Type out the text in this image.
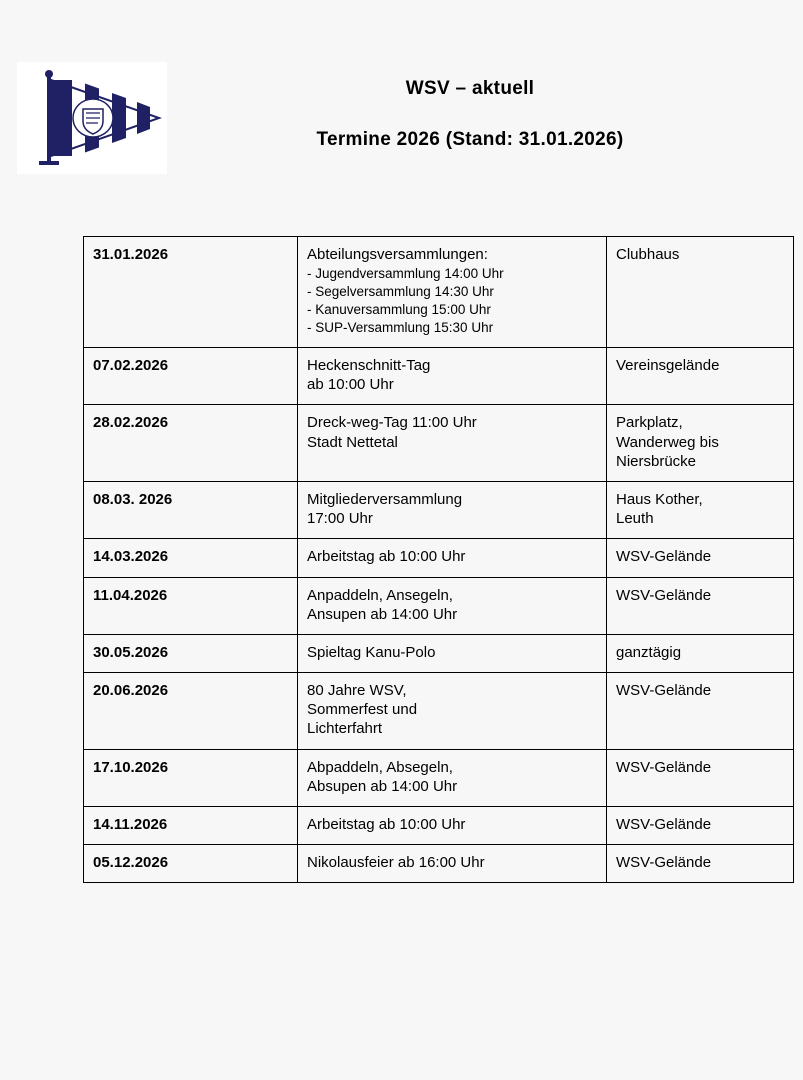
WSV – aktuell
Termine 2026 (Stand: 31.01.2026)
31.01.2026	Abteilungsversammlungen:
- Jugendversammlung 14:00 Uhr
- Segelversammlung 14:30 Uhr
- Kanuversammlung 15:00 Uhr
- SUP-Versammlung 15:30 Uhr	Clubhaus

07.02.2026	Heckenschnitt-Tag
ab 10:00 Uhr	Vereinsgelände

28.02.2026	Dreck-weg-Tag 11:00 Uhr
Stadt Nettetal	Parkplatz,
Wanderweg bis
Niersbrücke

08.03. 2026	Mitgliederversammlung
17:00 Uhr	Haus Kother,
Leuth

14.03.2026	Arbeitstag ab 10:00 Uhr	WSV-Gelände

11.04.2026	Anpaddeln, Ansegeln,
Ansupen ab 14:00 Uhr	WSV-Gelände

30.05.2026	Spieltag Kanu-Polo	ganztägig

20.06.2026	80 Jahre WSV,
Sommerfest und
Lichterfahrt	WSV-Gelände

17.10.2026	Abpaddeln, Absegeln,
Absupen ab 14:00 Uhr	WSV-Gelände

14.11.2026	Arbeitstag ab 10:00 Uhr	WSV-Gelände

05.12.2026	Nikolausfeier ab 16:00 Uhr	WSV-Gelände
